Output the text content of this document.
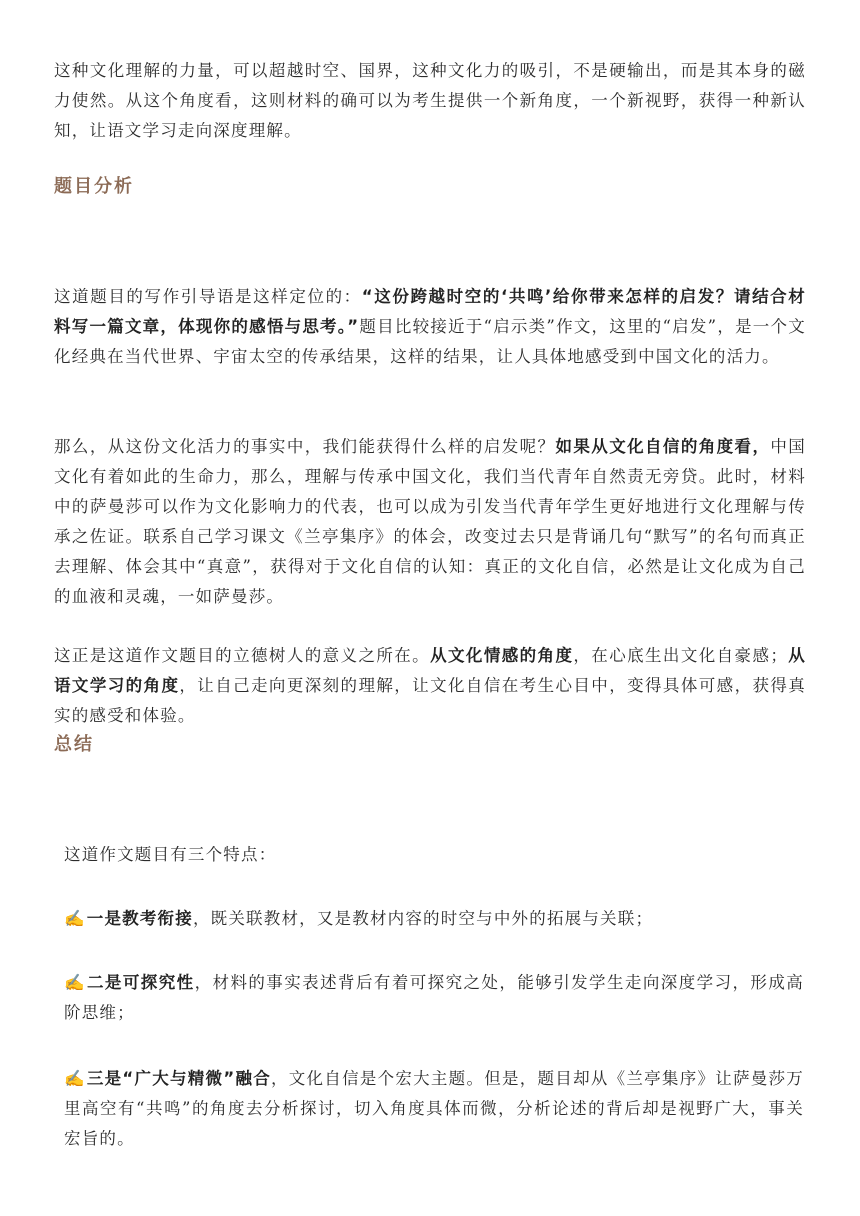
这种文化理解的力量，可以超越时空、国界，这种文化力的吸引，不是硬输出，而是其本身的磁力使然。从这个角度看，这则材料的确可以为考生提供一个新角度，一个新视野，获得一种新认知，让语文学习走向深度理解。

题目分析

这道题目的写作引导语是这样定位的：“这份跨越时空的‘共鸣’给你带来怎样的启发？请结合材料写一篇文章，体现你的感悟与思考。”题目比较接近于“启示类”作文，这里的“启发”，是一个文化经典在当代世界、宇宙太空的传承结果，这样的结果，让人具体地感受到中国文化的活力。

那么，从这份文化活力的事实中，我们能获得什么样的启发呢？如果从文化自信的角度看，中国文化有着如此的生命力，那么，理解与传承中国文化，我们当代青年自然责无旁贷。此时，材料中的萨曼莎可以作为文化影响力的代表，也可以成为引发当代青年学生更好地进行文化理解与传承之佐证。联系自己学习课文《兰亭集序》的体会，改变过去只是背诵几句“默写”的名句而真正去理解、体会其中“真意”，获得对于文化自信的认知：真正的文化自信，必然是让文化成为自己的血液和灵魂，一如萨曼莎。

这正是这道作文题目的立德树人的意义之所在。从文化情感的角度，在心底生出文化自豪感；从语文学习的角度，让自己走向更深刻的理解，让文化自信在考生心目中，变得具体可感，获得真实的感受和体验。

总结

这道作文题目有三个特点：

✍一是教考衔接，既关联教材，又是教材内容的时空与中外的拓展与关联；

✍二是可探究性，材料的事实表述背后有着可探究之处，能够引发学生走向深度学习，形成高阶思维；

✍三是“广大与精微”融合，文化自信是个宏大主题。但是，题目却从《兰亭集序》让萨曼莎万里高空有“共鸣”的角度去分析探讨，切入角度具体而微，分析论述的背后却是视野广大，事关宏旨的。
